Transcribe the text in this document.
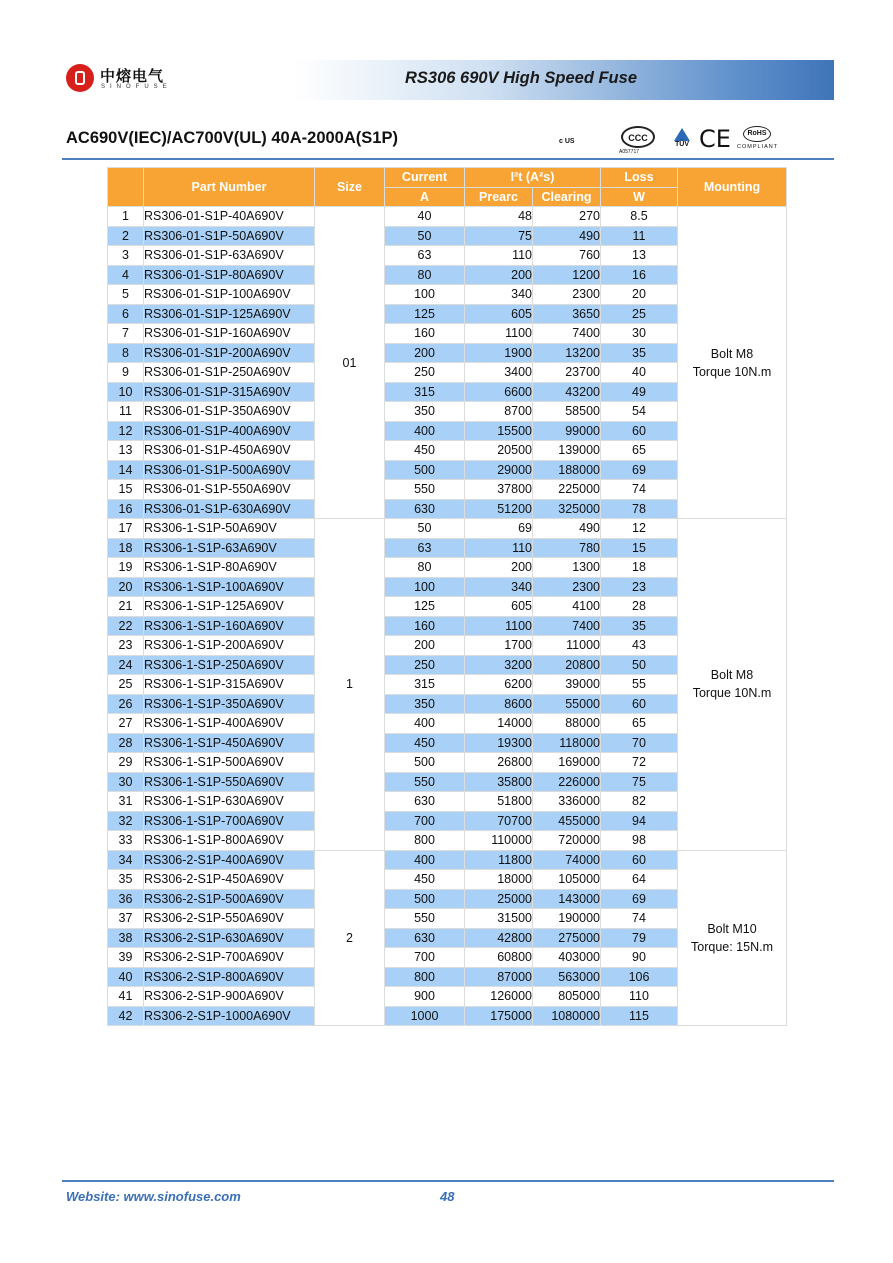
中熔电气
SINOFUSE	RS306 690V High Speed Fuse
AC690V(IEC)/AC700V(UL) 40A-2000A(S1P)	c US	CCC
A057717
TÜV CE	RoHS
COMPLIANT
	Part Number	Size	Current	I²t (A²s)		Loss	Mounting
			A	Prearc	Clearing	W	
1	RS306-01-S1P-40A690V	01	40	48	270	8.5	Bolt M8
Torque 10N.m

2	RS306-01-S1P-50A690V		50	75	490	11	
3	RS306-01-S1P-63A690V		63	110	760	13	
4	RS306-01-S1P-80A690V		80	200	1200	16	
5	RS306-01-S1P-100A690V		100	340	2300	20	
6	RS306-01-S1P-125A690V		125	605	3650	25	
7	RS306-01-S1P-160A690V		160	1100	7400	30	
8	RS306-01-S1P-200A690V		200	1900	13200	35	
9	RS306-01-S1P-250A690V		250	3400	23700	40	
10	RS306-01-S1P-315A690V		315	6600	43200	49	
11	RS306-01-S1P-350A690V		350	8700	58500	54	
12	RS306-01-S1P-400A690V		400	15500	99000	60	
13	RS306-01-S1P-450A690V		450	20500	139000	65	
14	RS306-01-S1P-500A690V		500	29000	188000	69	
15	RS306-01-S1P-550A690V		550	37800	225000	74	
16	RS306-01-S1P-630A690V		630	51200	325000	78	
17	RS306-1-S1P-50A690V	1	50	69	490	12	Bolt M8
Torque 10N.m

18	RS306-1-S1P-63A690V		63	110	780	15	
19	RS306-1-S1P-80A690V		80	200	1300	18	
20	RS306-1-S1P-100A690V		100	340	2300	23	
21	RS306-1-S1P-125A690V		125	605	4100	28	
22	RS306-1-S1P-160A690V		160	1100	7400	35	
23	RS306-1-S1P-200A690V		200	1700	11000	43	
24	RS306-1-S1P-250A690V		250	3200	20800	50	
25	RS306-1-S1P-315A690V		315	6200	39000	55	
26	RS306-1-S1P-350A690V		350	8600	55000	60	
27	RS306-1-S1P-400A690V		400	14000	88000	65	
28	RS306-1-S1P-450A690V		450	19300	118000	70	
29	RS306-1-S1P-500A690V		500	26800	169000	72	
30	RS306-1-S1P-550A690V		550	35800	226000	75	
31	RS306-1-S1P-630A690V		630	51800	336000	82	
32	RS306-1-S1P-700A690V		700	70700	455000	94	
33	RS306-1-S1P-800A690V		800	110000	720000	98	
34	RS306-2-S1P-400A690V	2	400	11800	74000	60	Bolt M10
Torque: 15N.m

35	RS306-2-S1P-450A690V		450	18000	105000	64	
36	RS306-2-S1P-500A690V		500	25000	143000	69	
37	RS306-2-S1P-550A690V		550	31500	190000	74	
38	RS306-2-S1P-630A690V		630	42800	275000	79	
39	RS306-2-S1P-700A690V		700	60800	403000	90	
40	RS306-2-S1P-800A690V		800	87000	563000	106	
41	RS306-2-S1P-900A690V		900	126000	805000	110	
42	RS306-2-S1P-1000A690V		1000	175000	1080000	115	
Website: www.sinofuse.com	48
